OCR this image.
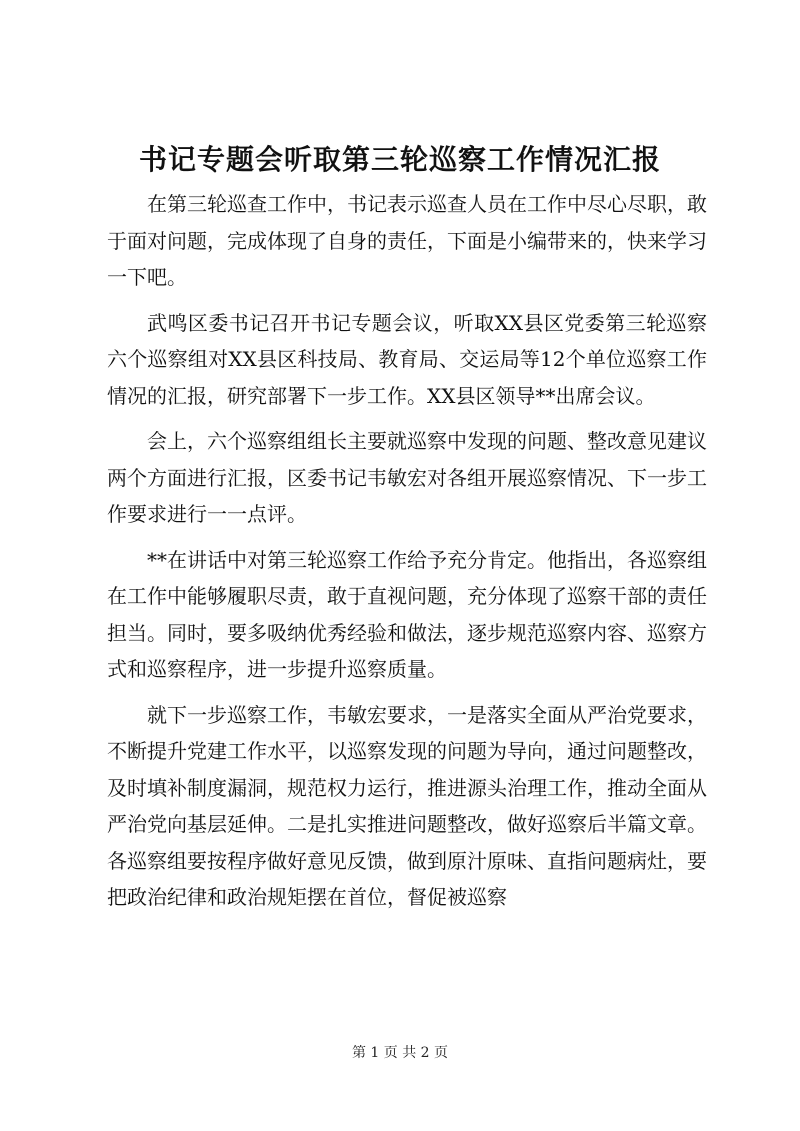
书记专题会听取第三轮巡察工作情况汇报

在第三轮巡查工作中，书记表示巡查人员在工作中尽心尽职，敢于面对问题，完成体现了自身的责任，下面是小编带来的，快来学习一下吧。

武鸣区委书记召开书记专题会议，听取XX县区党委第三轮巡察六个巡察组对XX县区科技局、教育局、交运局等12个单位巡察工作情况的汇报，研究部署下一步工作。XX县区领导**出席会议。

会上，六个巡察组组长主要就巡察中发现的问题、整改意见建议两个方面进行汇报，区委书记韦敏宏对各组开展巡察情况、下一步工作要求进行一一点评。

**在讲话中对第三轮巡察工作给予充分肯定。他指出，各巡察组在工作中能够履职尽责，敢于直视问题，充分体现了巡察干部的责任担当。同时，要多吸纳优秀经验和做法，逐步规范巡察内容、巡察方式和巡察程序，进一步提升巡察质量。

就下一步巡察工作，韦敏宏要求，一是落实全面从严治党要求，不断提升党建工作水平，以巡察发现的问题为导向，通过问题整改，及时填补制度漏洞，规范权力运行，推进源头治理工作，推动全面从严治党向基层延伸。二是扎实推进问题整改，做好巡察后半篇文章。各巡察组要按程序做好意见反馈，做到原汁原味、直指问题病灶，要把政治纪律和政治规矩摆在首位，督促被巡察

第 1 页 共 2 页
